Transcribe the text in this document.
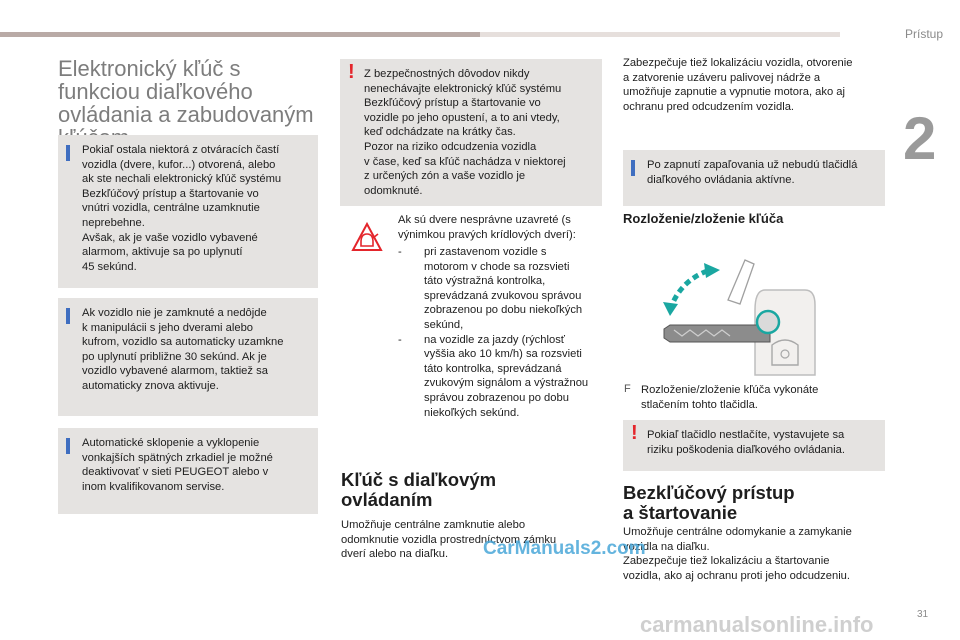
Prístup
2
Elektronický kľúč s funkciou diaľkového ovládania a zabudovaným
Pokiaľ ostala niektorá z otváracích častí
vozidla (dvere, kufor...) otvorená, alebo
ak ste nechali elektronický kľúč systému
Bezkľúčový prístup a štartovanie vo
vnútri vozidla, centrálne uzamknutie
neprebehne.
Avšak, ak je vaše vozidlo vybavené
alarmom, aktivuje sa po uplynutí
45 sekúnd.
Ak vozidlo nie je zamknuté a nedôjde
k manipulácii s jeho dverami alebo
kufrom, vozidlo sa automaticky uzamkne
po uplynutí približne 30 sekúnd. Ak je
vozidlo vybavené alarmom, taktiež sa
automaticky znova aktivuje.
Automatické sklopenie a vyklopenie
vonkajších spätných zrkadiel je možné
deaktivovať v sieti PEUGEOT alebo v
inom kvalifikovanom servise.
! Z bezpečnostných dôvodov nikdy
nenechávajte elektronický kľúč systému
Bezkľúčový prístup a štartovanie vo
vozidle po jeho opustení, a to ani vtedy,
keď odchádzate na krátky čas.
Pozor na riziko odcudzenia vozidla
v čase, keď sa kľúč nachádza v niektorej
z určených zón a vaše vozidlo je
odomknuté.
Ak sú dvere nesprávne uzavreté (s
výnimkou pravých krídlových dverí):
- pri zastavenom vozidle s
motorom v chode sa rozsvieti
táto výstražná kontrolka,
sprevádzaná zvukovou správou
zobrazenou po dobu niekoľkých
sekúnd,
- na vozidle za jazdy (rýchlosť
vyššia ako 10 km/h) sa rozsvieti
táto kontrolka, sprevádzaná
zvukovým signálom a výstražnou
správou zobrazenou po dobu
niekoľkých sekúnd.
Kľúč s diaľkovým
ovládaním
Umožňuje centrálne zamknutie alebo
odomknutie vozidla prostredníctvom zámku
dverí alebo na diaľku.
Zabezpečuje tiež lokalizáciu vozidla, otvorenie
a zatvorenie uzáveru palivovej nádrže a
umožňuje zapnutie a vypnutie motora, ako aj
ochranu pred odcudzením vozidla.
Po zapnutí zapaľovania už nebudú tlačidlá
diaľkového ovládania aktívne.
Rozloženie/zloženie kľúča
F Rozloženie/zloženie kľúča vykonáte
stlačením tohto tlačidla.
! Pokiaľ tlačidlo nestlačíte, vystavujete sa
riziku poškodenia diaľkového ovládania.
Bezkľúčový prístup
a štartovanie
Umožňuje centrálne odomykanie a zamykanie
vozidla na diaľku.
Zabezpečuje tiež lokalizáciu a štartovanie
vozidla, ako aj ochranu proti jeho odcudzeniu.
CarManuals2.com
carmanualsonline.info	31
